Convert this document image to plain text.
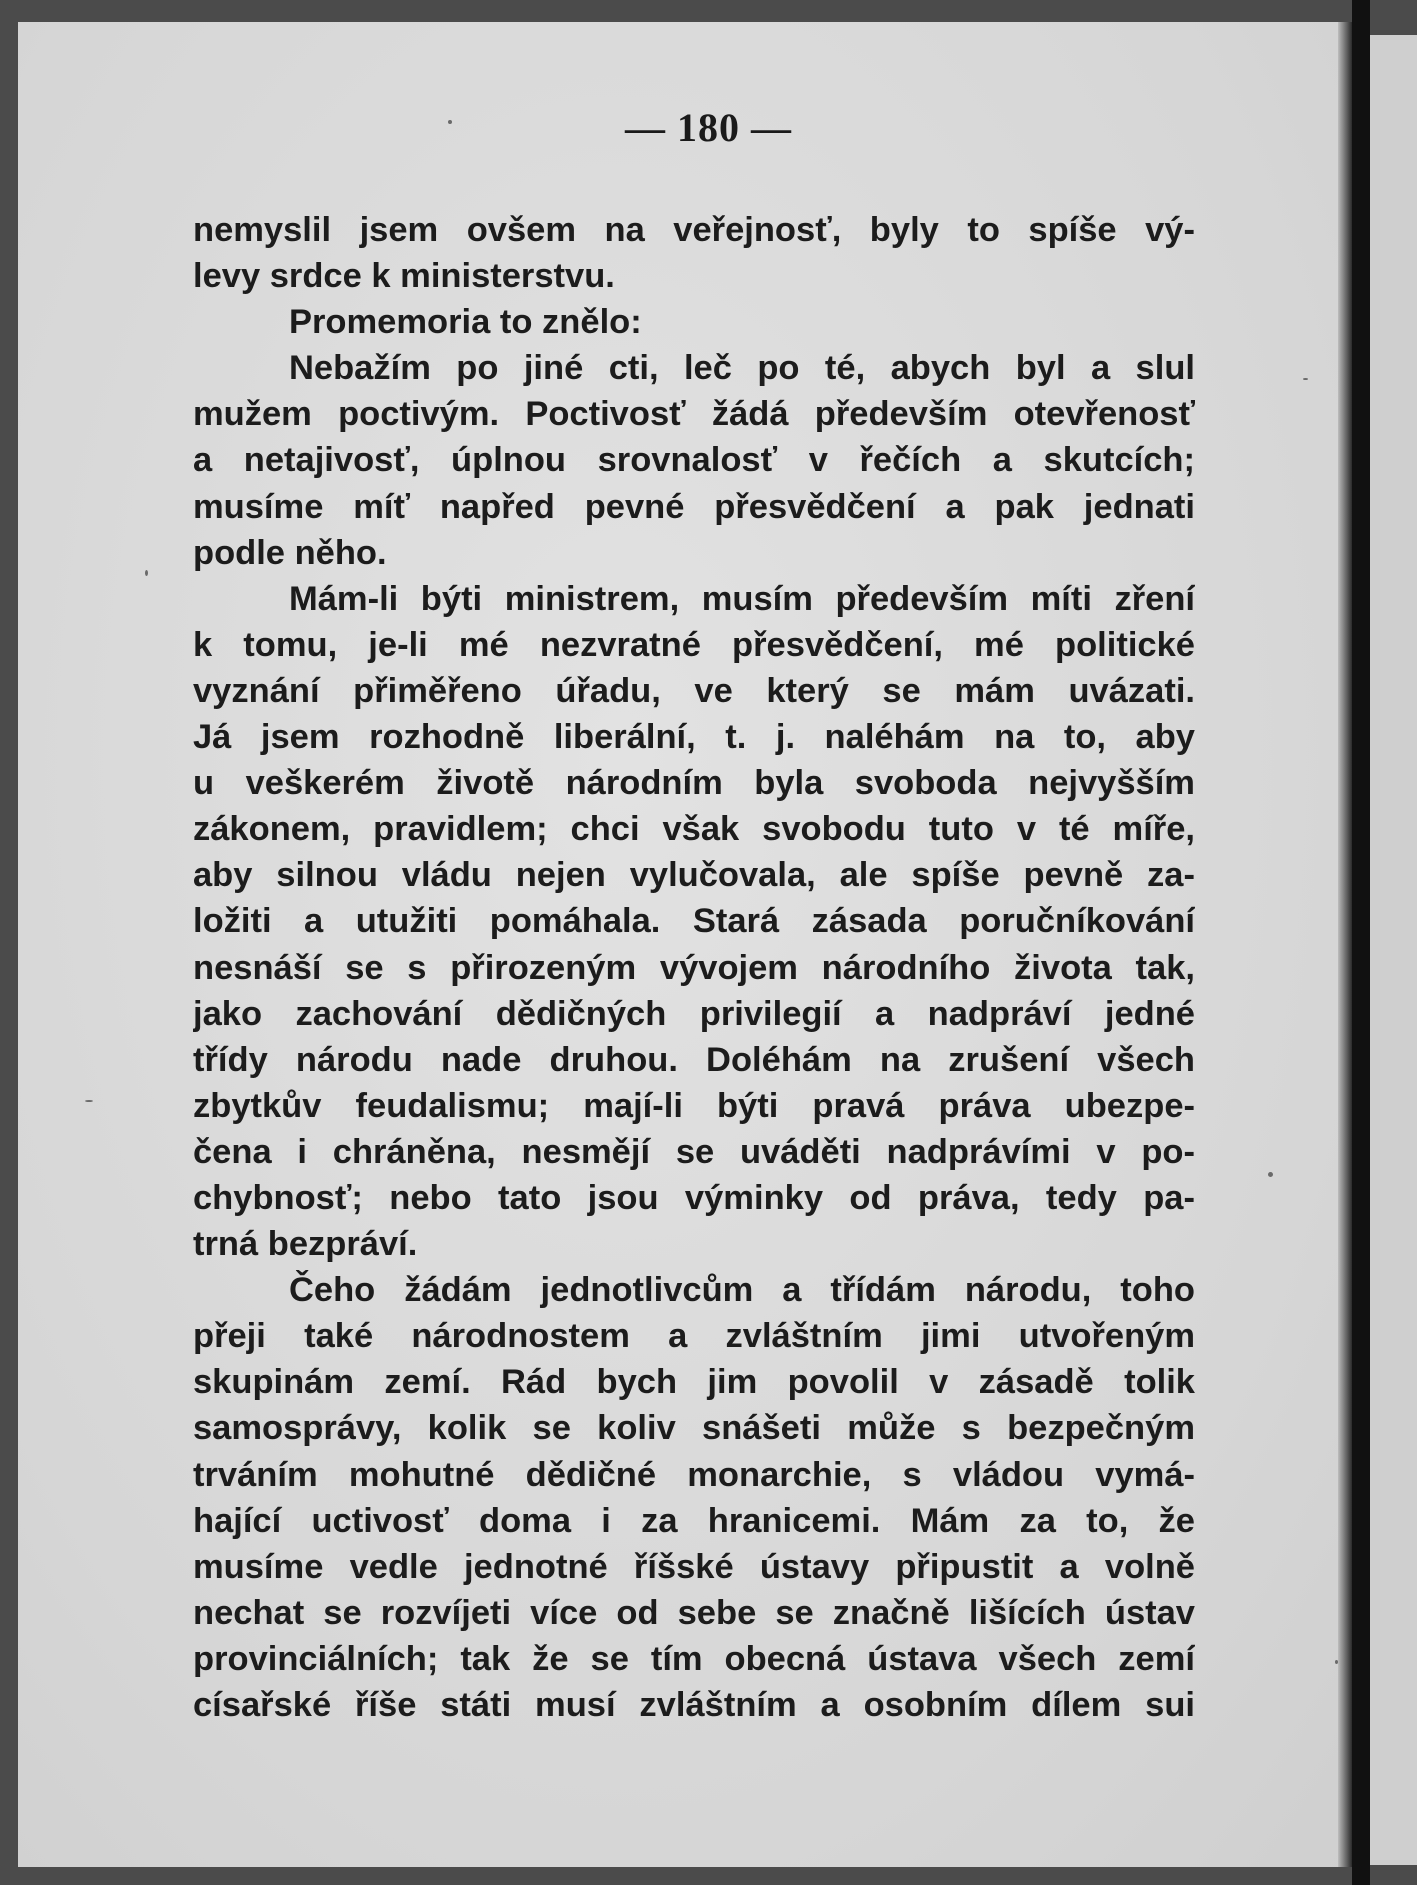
— 180 —
nemyslil jsem ovšem na veřejnosť, byly to spíše vý-
levy srdce k ministerstvu.
Promemoria to znělo:
Nebažím po jiné cti, leč po té, abych byl a slul
mužem poctivým. Poctivosť žádá především otevřenosť
a netajivosť, úplnou srovnalosť v řečích a skutcích;
musíme míť napřed pevné přesvědčení a pak jednati
podle něho.
Mám-li býti ministrem, musím především míti zření
k tomu, je-li mé nezvratné přesvědčení, mé politické
vyznání přiměřeno úřadu, ve který se mám uvázati.
Já jsem rozhodně liberální, t. j. naléhám na to, aby
u veškerém životě národním byla svoboda nejvyšším
zákonem, pravidlem; chci však svobodu tuto v té míře,
aby silnou vládu nejen vylučovala, ale spíše pevně za-
ložiti a utužiti pomáhala. Stará zásada poručníkování
nesnáší se s přirozeným vývojem národního života tak,
jako zachování dědičných privilegií a nadpráví jedné
třídy národu nade druhou. Doléhám na zrušení všech
zbytkův feudalismu; mají-li býti pravá práva ubezpe-
čena i chráněna, nesmějí se uváděti nadprávími v po-
chybnosť; nebo tato jsou výminky od práva, tedy pa-
trná bezpráví.
Čeho žádám jednotlivcům a třídám národu, toho
přeji také národnostem a zvláštním jimi utvořeným
skupinám zemí. Rád bych jim povolil v zásadě tolik
samosprávy, kolik se koliv snášeti může s bezpečným
trváním mohutné dědičné monarchie, s vládou vymá-
hající uctivosť doma i za hranicemi. Mám za to, že
musíme vedle jednotné říšské ústavy připustit a volně
nechat se rozvíjeti více od sebe se značně lišících ústav
provinciálních; tak že se tím obecná ústava všech zemí
císařské říše státi musí zvláštním a osobním dílem sui
